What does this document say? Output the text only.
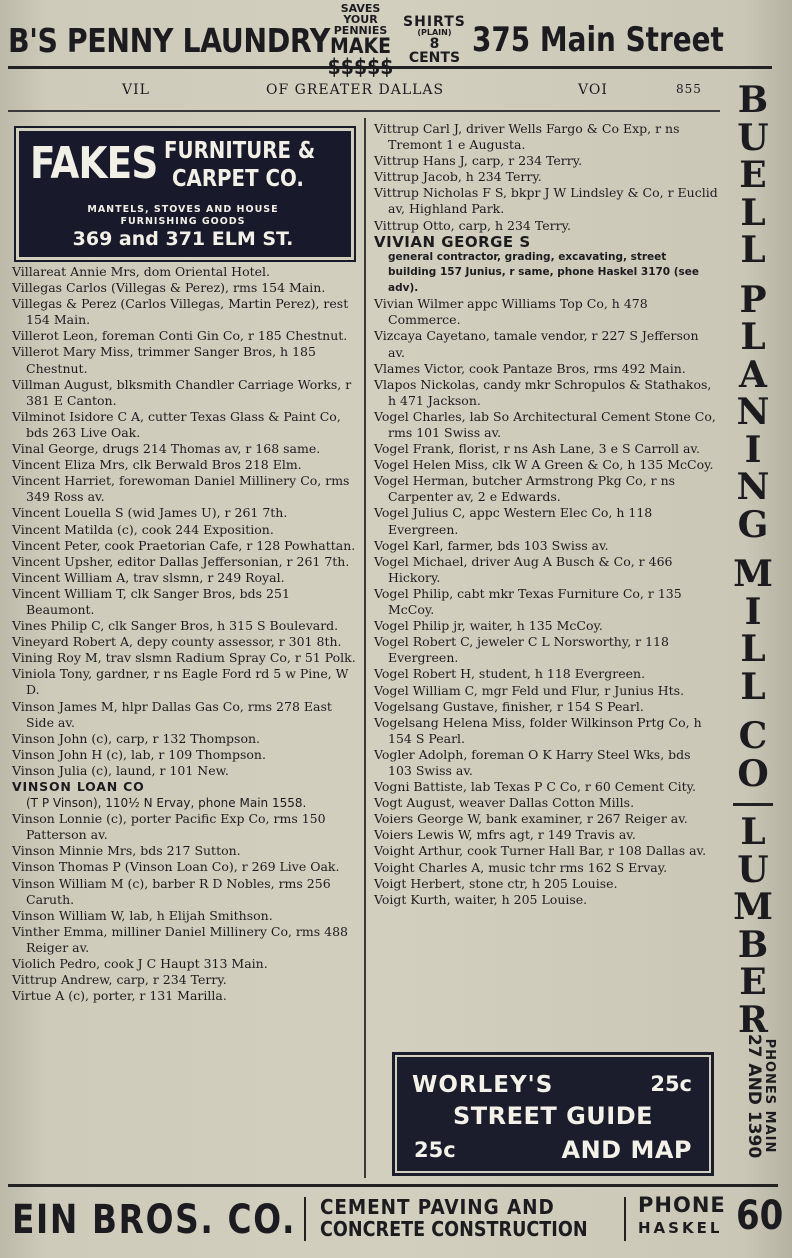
B'S PENNY LAUNDRY
SAVES YOUR PENNIES
MAKE $$$$$
SHIRTS
(PLAIN)
8 CENTS 375 Main Street
VIL	OF GREATER DALLAS	VOI	855 B
U
E
L
L
P
L
A
N
I
N
G
M
I
L
L
C
O
L
U
M
B
E
R
PHONES MAIN
27 AND 1390
FAKES FURNITURE &
CARPET CO.
MANTELS, STOVES AND HOUSE
FURNISHING GOODS
369 and 371 ELM ST.
Villareat Annie Mrs, dom Oriental Hotel.
Villegas Carlos (Villegas & Perez), rms 154 Main.
Villegas & Perez (Carlos Villegas, Martin Perez), rest 154 Main.
Villerot Leon, foreman Conti Gin Co, r 185 Chestnut.
Villerot Mary Miss, trimmer Sanger Bros, h 185 Chestnut.
Villman August, blksmith Chandler Carriage Works, r 381 E Canton.
Vilminot Isidore C A, cutter Texas Glass & Paint Co, bds 263 Live Oak.
Vinal George, drugs 214 Thomas av, r 168 same.
Vincent Eliza Mrs, clk Berwald Bros 218 Elm.
Vincent Harriet, forewoman Daniel Millinery Co, rms 349 Ross av.
Vincent Louella S (wid James U), r 261 7th.
Vincent Matilda (c), cook 244 Exposition.
Vincent Peter, cook Praetorian Cafe, r 128 Powhattan.
Vincent Upsher, editor Dallas Jeffersonian, r 261 7th.
Vincent William A, trav slsmn, r 249 Royal.
Vincent William T, clk Sanger Bros, bds 251 Beaumont.
Vines Philip C, clk Sanger Bros, h 315 S Boulevard.
Vineyard Robert A, depy county assessor, r 301 8th.
Vining Roy M, trav slsmn Radium Spray Co, r 51 Polk.
Viniola Tony, gardner, r ns Eagle Ford rd 5 w Pine, W D.
Vinson James M, hlpr Dallas Gas Co, rms 278 East Side av.
Vinson John (c), carp, r 132 Thompson.
Vinson John H (c), lab, r 109 Thompson.
Vinson Julia (c), laund, r 101 New.
VINSON LOAN CO
(T P Vinson), 110½ N Ervay, phone Main 1558.
Vinson Lonnie (c), porter Pacific Exp Co, rms 150 Patterson av.
Vinson Minnie Mrs, bds 217 Sutton.
Vinson Thomas P (Vinson Loan Co), r 269 Live Oak.
Vinson William M (c), barber R D Nobles, rms 256 Caruth.
Vinson William W, lab, h Elijah Smithson.
Vinther Emma, milliner Daniel Millinery Co, rms 488 Reiger av.
Violich Pedro, cook J C Haupt 313 Main.
Vittrup Andrew, carp, r 234 Terry.
Virtue A (c), porter, r 131 Marilla.
Vittrup Carl J, driver Wells Fargo & Co Exp, r ns Tremont 1 e Augusta.
Vittrup Hans J, carp, r 234 Terry.
Vittrup Jacob, h 234 Terry.
Vittrup Nicholas F S, bkpr J W Lindsley & Co, r Euclid av, Highland Park.
Vittrup Otto, carp, h 234 Terry.
VIVIAN GEORGE S
general contractor, grading, excavating, street building 157 Junius, r same, phone Haskel 3170 (see adv).
Vivian Wilmer appc Williams Top Co, h 478 Commerce.
Vizcaya Cayetano, tamale vendor, r 227 S Jefferson av.
Vlames Victor, cook Pantaze Bros, rms 492 Main.
Vlapos Nickolas, candy mkr Schropulos & Stathakos, h 471 Jackson.
Vogel Charles, lab So Architectural Cement Stone Co, rms 101 Swiss av.
Vogel Frank, florist, r ns Ash Lane, 3 e S Carroll av.
Vogel Helen Miss, clk W A Green & Co, h 135 McCoy.
Vogel Herman, butcher Armstrong Pkg Co, r ns Carpenter av, 2 e Edwards.
Vogel Julius C, appc Western Elec Co, h 118 Evergreen.
Vogel Karl, farmer, bds 103 Swiss av.
Vogel Michael, driver Aug A Busch & Co, r 466 Hickory.
Vogel Philip, cabt mkr Texas Furniture Co, r 135 McCoy.
Vogel Philip jr, waiter, h 135 McCoy.
Vogel Robert C, jeweler C L Norsworthy, r 118 Evergreen.
Vogel Robert H, student, h 118 Evergreen.
Vogel William C, mgr Feld und Flur, r Junius Hts.
Vogelsang Gustave, finisher, r 154 S Pearl.
Vogelsang Helena Miss, folder Wilkinson Prtg Co, h 154 S Pearl.
Vogler Adolph, foreman O K Harry Steel Wks, bds 103 Swiss av.
Vogni Battiste, lab Texas P C Co, r 60 Cement City.
Vogt August, weaver Dallas Cotton Mills.
Voiers George W, bank examiner, r 267 Reiger av.
Voiers Lewis W, mfrs agt, r 149 Travis av.
Voight Arthur, cook Turner Hall Bar, r 108 Dallas av.
Voight Charles A, music tchr rms 162 S Ervay.
Voigt Herbert, stone ctr, h 205 Louise.
Voigt Kurth, waiter, h 205 Louise.
WORLEY'S	25c
STREET GUIDE
25c	AND MAP
EIN BROS. CO. CEMENT PAVING AND
CONCRETE CONSTRUCTION
PHONE
HASKEL 60
